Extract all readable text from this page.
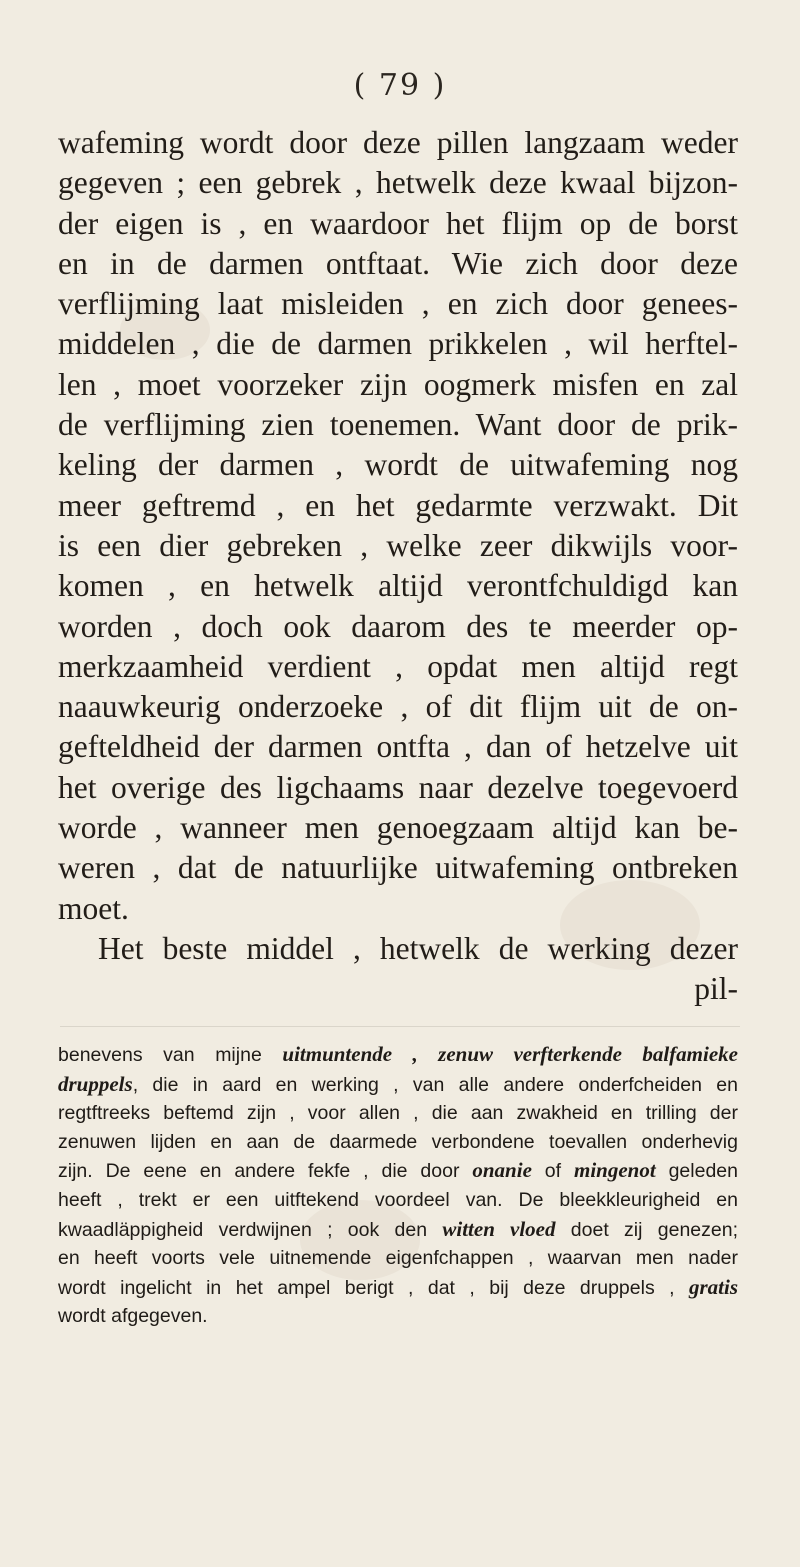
( 79 )
wafeming wordt door deze pillen langzaam weder
gegeven ; een gebrek , hetwelk deze kwaal bijzon-
der eigen is , en waardoor het flijm op de borst
en in de darmen ontftaat. Wie zich door deze
verflijming laat misleiden , en zich door genees-
middelen , die de darmen prikkelen , wil herftel-
len , moet voorzeker zijn oogmerk misfen en zal
de verflijming zien toenemen. Want door de prik-
keling der darmen , wordt de uitwafeming nog
meer geftremd , en het gedarmte verzwakt. Dit
is een dier gebreken , welke zeer dikwijls voor-
komen , en hetwelk altijd verontfchuldigd kan
worden , doch ook daarom des te meerder op-
merkzaamheid verdient , opdat men altijd regt
naauwkeurig onderzoeke , of dit flijm uit de on-
gefteldheid der darmen ontfta , dan of hetzelve uit
het overige des ligchaams naar dezelve toegevoerd
worde , wanneer men genoegzaam altijd kan be-
weren , dat de natuurlijke uitwafeming ontbreken
moet.
Het beste middel , hetwelk de werking dezer
pil-
benevens van mijne uitmuntende , zenuw verfterkende balfamieke
druppels, die in aard en werking , van alle andere onderfcheiden en
regtftreeks beftemd zijn , voor allen , die aan zwakheid en trilling der
zenuwen lijden en aan de daarmede verbondene toevallen onderhevig
zijn. De eene en andere fekfe , die door onanie of mingenot geleden
heeft , trekt er een uitftekend voordeel van. De bleekkleurigheid en
kwaadläppigheid verdwijnen ; ook den witten vloed doet zij genezen;
en heeft voorts vele uitnemende eigenfchappen , waarvan men nader
wordt ingelicht in het ampel berigt , dat , bij deze druppels , gratis
wordt afgegeven.
